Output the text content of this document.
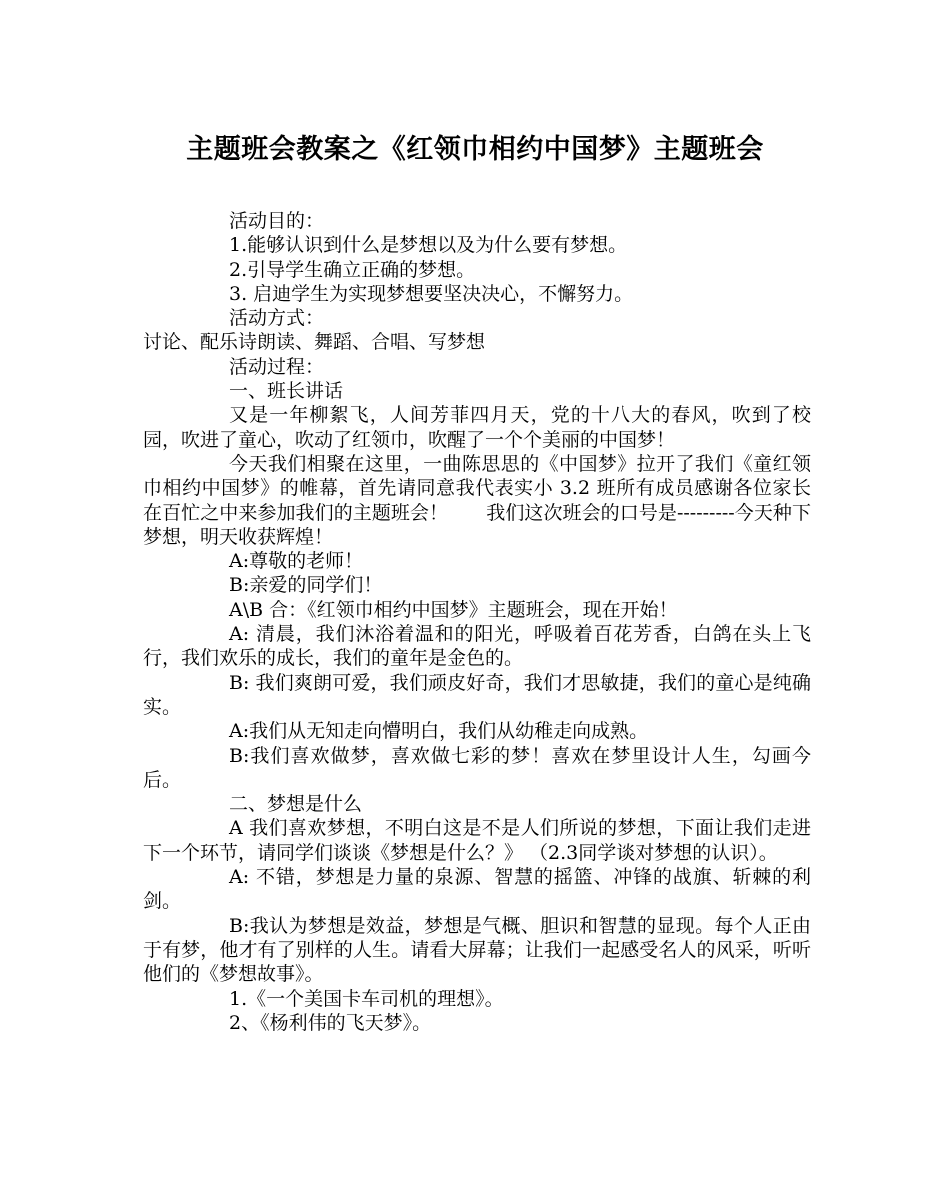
主题班会教案之《红领巾相约中国梦》主题班会

活动目的：

1.能够认识到什么是梦想以及为什么要有梦想。

2.引导学生确立正确的梦想。

3. 启迪学生为实现梦想要坚决决心，不懈努力。

活动方式：

讨论、配乐诗朗读、舞蹈、合唱、写梦想

活动过程：

一、班长讲话

又是一年柳絮飞，人间芳菲四月天，党的十八大的春风，吹到了校园，吹进了童心，吹动了红领巾，吹醒了一个个美丽的中国梦！

今天我们相聚在这里，一曲陈思思的《中国梦》拉开了我们《童红领巾相约中国梦》的帷幕，首先请同意我代表实小 3.2 班所有成员感谢各位家长在百忙之中来参加我们的主题班会！　　我们这次班会的口号是---------今天种下梦想，明天收获辉煌！

A:尊敬的老师！

B:亲爱的同学们！

A\B 合：《红领巾相约中国梦》主题班会，现在开始！

A: 清晨，我们沐浴着温和的阳光，呼吸着百花芳香，白鸽在头上飞行，我们欢乐的成长，我们的童年是金色的。

B: 我们爽朗可爱，我们顽皮好奇，我们才思敏捷，我们的童心是纯确实。

A:我们从无知走向懵明白，我们从幼稚走向成熟。

B:我们喜欢做梦，喜欢做七彩的梦！喜欢在梦里设计人生，勾画今后。

二、梦想是什么

A 我们喜欢梦想，不明白这是不是人们所说的梦想，下面让我们走进下一个环节，请同学们谈谈《梦想是什么？》 （2.3同学谈对梦想的认识）。

A: 不错，梦想是力量的泉源、智慧的摇篮、冲锋的战旗、斩棘的利剑。

B:我认为梦想是效益，梦想是气概、胆识和智慧的显现。每个人正由于有梦，他才有了别样的人生。请看大屏幕；让我们一起感受名人的风采，听听他们的《梦想故事》。

1.《一个美国卡车司机的理想》。

2、《杨利伟的飞天梦》。
